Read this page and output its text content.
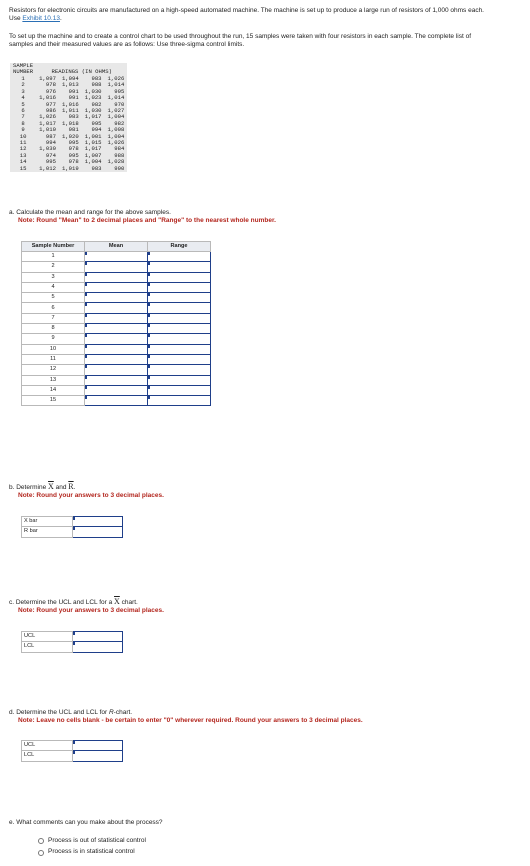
Resistors for electronic circuits are manufactured on a high-speed automated machine. The machine is set up to produce a large run of resistors of 1,000 ohms each. Use Exhibit 10.13.

To set up the machine and to create a control chart to be used throughout the run, 15 samples were taken with four resistors in each sample. The complete list of samples and their measured values are as follows: Use three-sigma control limits.

SAMPLE				
NUMBER	READINGS (IN OHMS)			
1	1,097	1,094	983	1,026
2	978	1,013	988	1,014
3	976	991	1,030	995
4	1,016	991	1,023	1,014
5	977	1,016	982	970
6	986	1,011	1,030	1,027
7	1,026	983	1,017	1,004
8	1,017	1,018	995	982
9	1,010	981	994	1,008
10	987	1,020	1,001	1,004
11	994	995	1,015	1,026
12	1,030	978	1,017	984
13	974	995	1,007	988
14	995	978	1,004	1,028
15	1,012	1,019	983	990

a. Calculate the mean and range for the above samples.

Note: Round "Mean" to 2 decimal places and "Range" to the nearest whole number.

Sample Number	Mean	Range
1	

2	

3	

4	

5	

6	

7	

8	

9	

10	

11	

12	

13	

14	

15	

b. Determine $\overline{X}$ and $\overline{R}$.

Note: Round your answers to 3 decimal places.

X bar	

R bar	

c. Determine the UCL and LCL for a $\overline{X}$ chart.

Note: Round your answers to 3 decimal places.

UCL	

LCL	

d. Determine the UCL and LCL for R-chart.

Note: Leave no cells blank - be certain to enter "0" wherever required. Round your answers to 3 decimal places.

UCL	

LCL	

e. What comments can you make about the process?

Process is out of statistical control
Process is in statistical control
